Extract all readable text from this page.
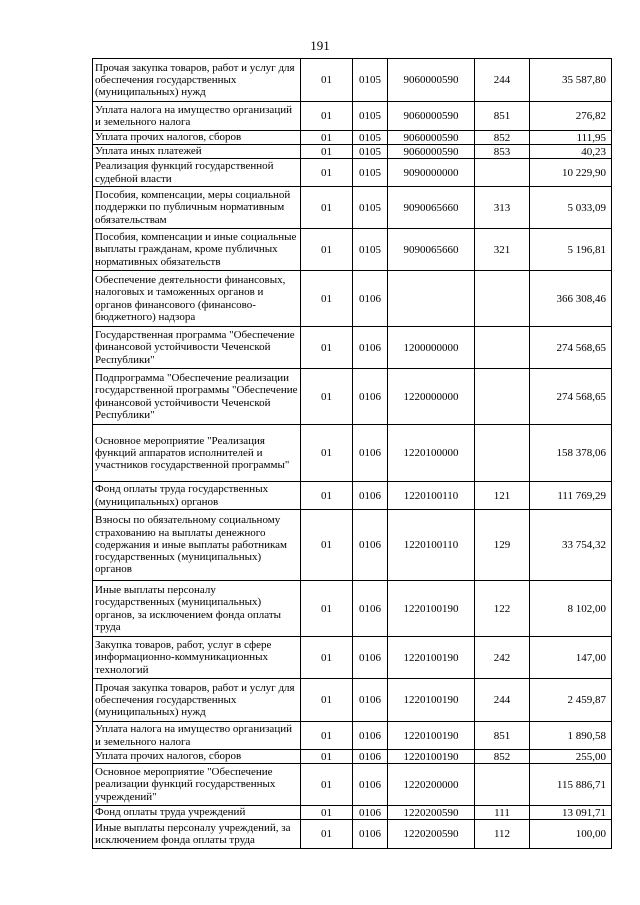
191
Прочая закупка товаров, работ и услуг для обеспечения государственных (муниципальных) нужд	01	0105	9060000590	244	35 587,80
Уплата налога на имущество организаций и земельного налога	01	0105	9060000590	851	276,82
Уплата прочих налогов, сборов	01	0105	9060000590	852	111,95
Уплата иных платежей	01	0105	9060000590	853	40,23
Реализация функций государственной судебной власти	01	0105	9090000000		10 229,90
Пособия, компенсации, меры социальной поддержки по публичным нормативным обязательствам	01	0105	9090065660	313	5 033,09
Пособия, компенсации и иные социальные выплаты гражданам, кроме публичных нормативных обязательств	01	0105	9090065660	321	5 196,81
Обеспечение деятельности финансовых, налоговых и таможенных органов и органов финансового (финансово-бюджетного) надзора	01	0106			366 308,46
Государственная программа "Обеспечение финансовой устойчивости Чеченской Республики"	01	0106	1200000000		274 568,65
Подпрограмма "Обеспечение реализации государственной программы "Обеспечение финансовой устойчивости Чеченской Республики"	01	0106	1220000000		274 568,65
Основное мероприятие "Реализация функций аппаратов исполнителей и участников государственной программы"	01	0106	1220100000		158 378,06
Фонд оплаты труда государственных (муниципальных) органов	01	0106	1220100110	121	111 769,29
Взносы по обязательному социальному страхованию на выплаты денежного содержания и иные выплаты работникам государственных (муниципальных) органов	01	0106	1220100110	129	33 754,32
Иные выплаты персоналу государственных (муниципальных) органов, за исключением фонда оплаты труда	01	0106	1220100190	122	8 102,00
Закупка товаров, работ, услуг в сфере информационно-коммуникационных технологий	01	0106	1220100190	242	147,00
Прочая закупка товаров, работ и услуг для обеспечения государственных (муниципальных) нужд	01	0106	1220100190	244	2 459,87
Уплата налога на имущество организаций и земельного налога	01	0106	1220100190	851	1 890,58
Уплата прочих налогов, сборов	01	0106	1220100190	852	255,00
Основное мероприятие "Обеспечение реализации функций государственных учреждений"	01	0106	1220200000		115 886,71
Фонд оплаты труда учреждений	01	0106	1220200590	111	13 091,71
Иные выплаты персоналу учреждений, за исключением фонда оплаты труда	01	0106	1220200590	112	100,00
